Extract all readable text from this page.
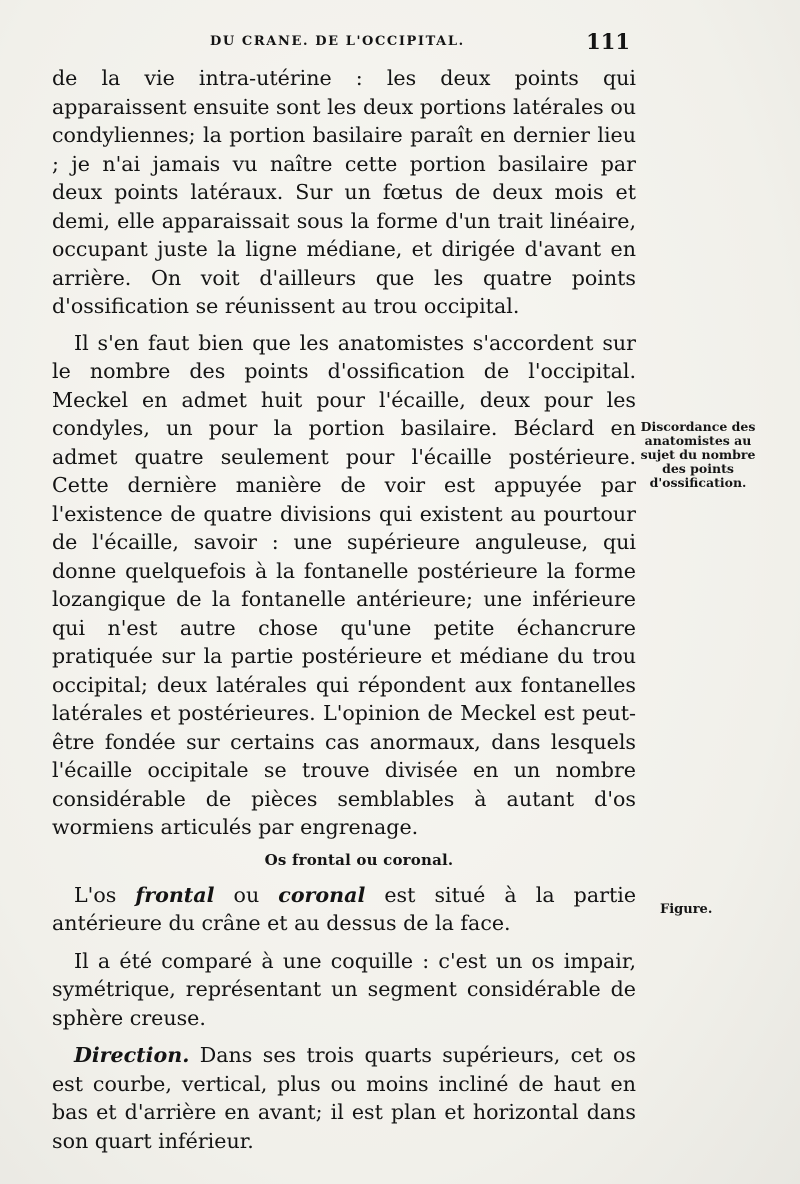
DU CRANE. DE L'OCCIPITAL.	111

de la vie intra-utérine : les deux points qui apparaissent ensuite sont les deux portions latérales ou condyliennes; la portion basilaire paraît en dernier lieu ; je n'ai jamais vu naître cette portion basilaire par deux points latéraux. Sur un fœtus de deux mois et demi, elle apparaissait sous la forme d'un trait linéaire, occupant juste la ligne médiane, et dirigée d'avant en arrière. On voit d'ailleurs que les quatre points d'ossification se réunissent au trou occipital.

Il s'en faut bien que les anatomistes s'accordent sur le nombre des points d'ossification de l'occipital. Meckel en admet huit pour l'écaille, deux pour les condyles, un pour la portion basilaire. Béclard en admet quatre seulement pour l'écaille postérieure. Cette dernière manière de voir est appuyée par l'existence de quatre divisions qui existent au pourtour de l'écaille, savoir : une supérieure anguleuse, qui donne quelquefois à la fontanelle postérieure la forme lozangique de la fontanelle antérieure; une inférieure qui n'est autre chose qu'une petite échancrure pratiquée sur la partie postérieure et médiane du trou occipital; deux latérales qui répondent aux fontanelles latérales et postérieures. L'opinion de Meckel est peut-être fondée sur certains cas anormaux, dans lesquels l'écaille occipitale se trouve divisée en un nombre considérable de pièces semblables à autant d'os wormiens articulés par engrenage.

Os frontal ou coronal.

L'os frontal ou coronal est situé à la partie antérieure du crâne et au dessus de la face.

Il a été comparé à une coquille : c'est un os impair, symétrique, représentant un segment considérable de sphère creuse.

Direction. Dans ses trois quarts supérieurs, cet os est courbe, vertical, plus ou moins incliné de haut en bas et d'arrière en avant; il est plan et horizontal dans son quart inférieur.

Discordance des anatomistes au sujet du nombre des points d'ossification.
Figure.
